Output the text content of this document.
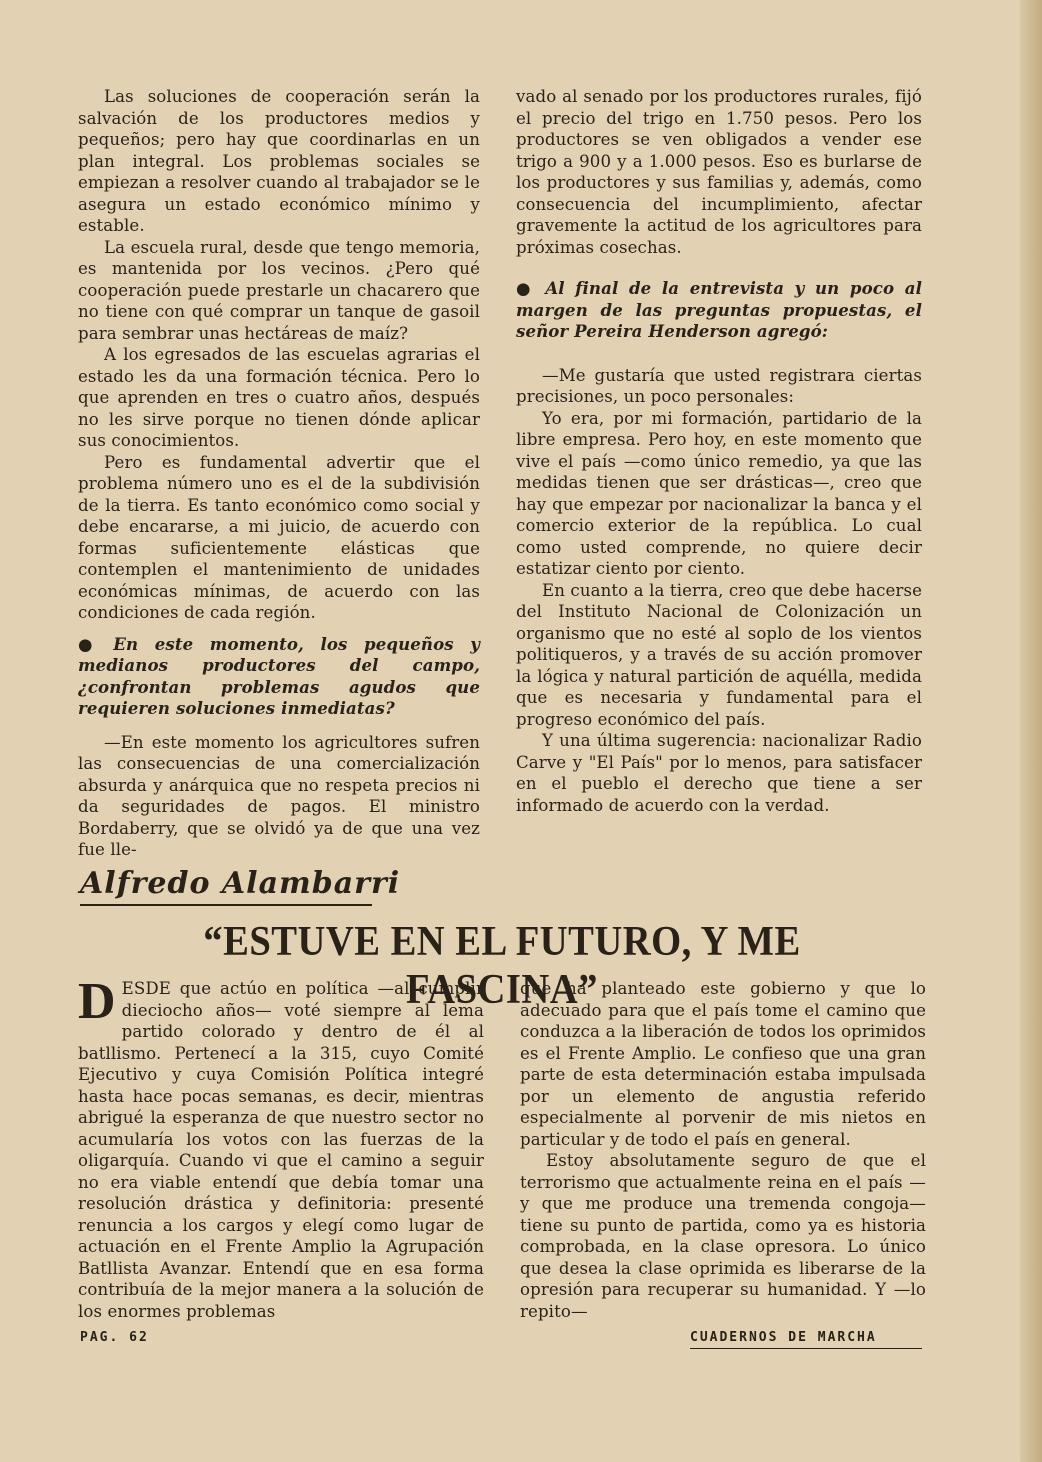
Las soluciones de cooperación serán la salvación de los productores medios y pequeños; pero hay que coordinarlas en un plan integral. Los problemas sociales se empiezan a resolver cuando al trabajador se le asegura un estado económico mínimo y estable.

La escuela rural, desde que tengo memoria, es mantenida por los vecinos. ¿Pero qué cooperación puede prestarle un chacarero que no tiene con qué comprar un tanque de gasoil para sembrar unas hectáreas de maíz?

A los egresados de las escuelas agrarias el estado les da una formación técnica. Pero lo que aprenden en tres o cuatro años, después no les sirve porque no tienen dónde aplicar sus conocimientos.

Pero es fundamental advertir que el problema número uno es el de la subdivisión de la tierra. Es tanto económico como social y debe encararse, a mi juicio, de acuerdo con formas suficientemente elásticas que contemplen el mantenimiento de unidades económicas mínimas, de acuerdo con las condiciones de cada región.

● En este momento, los pequeños y medianos productores del campo, ¿confrontan problemas agudos que requieren soluciones inmediatas?

—En este momento los agricultores sufren las consecuencias de una comercialización absurda y anárquica que no respeta precios ni da seguridades de pagos. El ministro Bordaberry, que se olvidó ya de que una vez fue lle-

vado al senado por los productores rurales, fijó el precio del trigo en 1.750 pesos. Pero los productores se ven obligados a vender ese trigo a 900 y a 1.000 pesos. Eso es burlarse de los productores y sus familias y, además, como consecuencia del incumplimiento, afectar gravemente la actitud de los agricultores para próximas cosechas.

● Al final de la entrevista y un poco al margen de las preguntas propuestas, el señor Pereira Henderson agregó:

—Me gustaría que usted registrara ciertas precisiones, un poco personales:

Yo era, por mi formación, partidario de la libre empresa. Pero hoy, en este momento que vive el país —como único remedio, ya que las medidas tienen que ser drásticas—, creo que hay que empezar por nacionalizar la banca y el comercio exterior de la república. Lo cual como usted comprende, no quiere decir estatizar ciento por ciento.

En cuanto a la tierra, creo que debe hacerse del Instituto Nacional de Colonización un organismo que no esté al soplo de los vientos politiqueros, y a través de su acción promover la lógica y natural partición de aquélla, medida que es necesaria y fundamental para el progreso económico del país.

Y una última sugerencia: nacionalizar Radio Carve y "El País" por lo menos, para satisfacer en el pueblo el derecho que tiene a ser informado de acuerdo con la verdad.

Alfredo Alambarri
“ESTUVE EN EL FUTURO, Y ME FASCINA”

DESDE que actúo en política —al cumplir dieciocho años— voté siempre al lema partido colorado y dentro de él al batllismo. Pertenecí a la 315, cuyo Comité Ejecutivo y cuya Comisión Política integré hasta hace pocas semanas, es decir, mientras abrigué la esperanza de que nuestro sector no acumularía los votos con las fuerzas de la oligarquía. Cuando vi que el camino a seguir no era viable entendí que debía tomar una resolución drástica y definitoria: presenté renuncia a los cargos y elegí como lugar de actuación en el Frente Amplio la Agrupación Batllista Avanzar. Entendí que en esa forma contribuía de la mejor manera a la solución de los enormes problemas

que ha planteado este gobierno y que lo adecuado para que el país tome el camino que conduzca a la liberación de todos los oprimidos es el Frente Amplio. Le confieso que una gran parte de esta determinación estaba impulsada por un elemento de angustia referido especialmente al porvenir de mis nietos en particular y de todo el país en general.

Estoy absolutamente seguro de que el terrorismo que actualmente reina en el país —y que me produce una tremenda congoja— tiene su punto de partida, como ya es historia comprobada, en la clase opresora. Lo único que desea la clase oprimida es liberarse de la opresión para recuperar su humanidad. Y —lo repito—

PAG. 62	CUADERNOS DE MARCHA
